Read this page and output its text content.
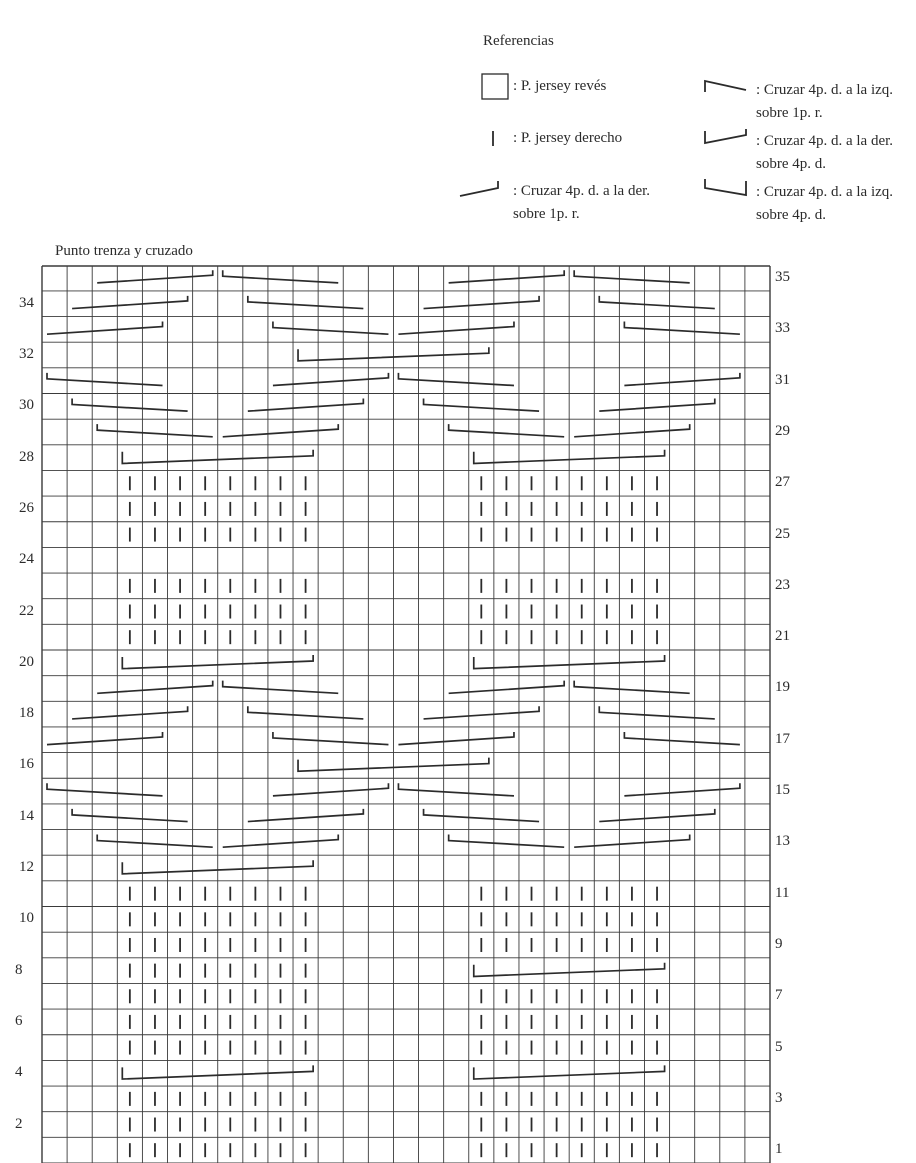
Referencias
: P. jersey revés
: P. jersey derecho
: Cruzar 4p. d. a la der.
sobre 1p. r.
: Cruzar 4p. d. a la izq.
sobre 1p. r.
: Cruzar 4p. d. a la der.
sobre 4p. d.
: Cruzar 4p. d. a la izq.
sobre 4p. d.
Punto trenza y cruzado
34
32
30
28
26
24
22
20
18
16
14
12
10
8
6
4
2
35
33
31
29
27
25
23
21
19
17
15
13
11
9
7
5
3
1
